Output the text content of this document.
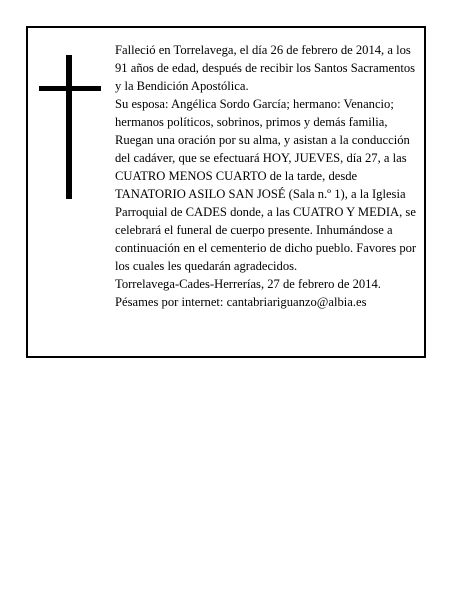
Falleció en Torrelavega, el día 26 de febrero de 2014, a los 91 años de edad, después de recibir los Santos Sacramentos y la Bendición Apostólica.

Su esposa: Angélica Sordo García; hermano: Venancio; hermanos políticos, sobrinos, primos y demás familia,

Ruegan una oración por su alma, y asistan a la conducción del cadáver, que se efectuará HOY, JUEVES, día 27, a las CUATRO MENOS CUARTO de la tarde, desde TANATORIO ASILO SAN JOSÉ (Sala n.º 1), a la Iglesia Parroquial de CADES donde, a las CUATRO Y MEDIA, se celebrará el funeral de cuerpo presente. Inhumándose a continuación en el cementerio de dicho pueblo. Favores por los cuales les quedarán agradecidos.

Torrelavega-Cades-Herrerías, 27 de febrero de 2014.

Pésames por internet: cantabriariguanzo@albia.es
